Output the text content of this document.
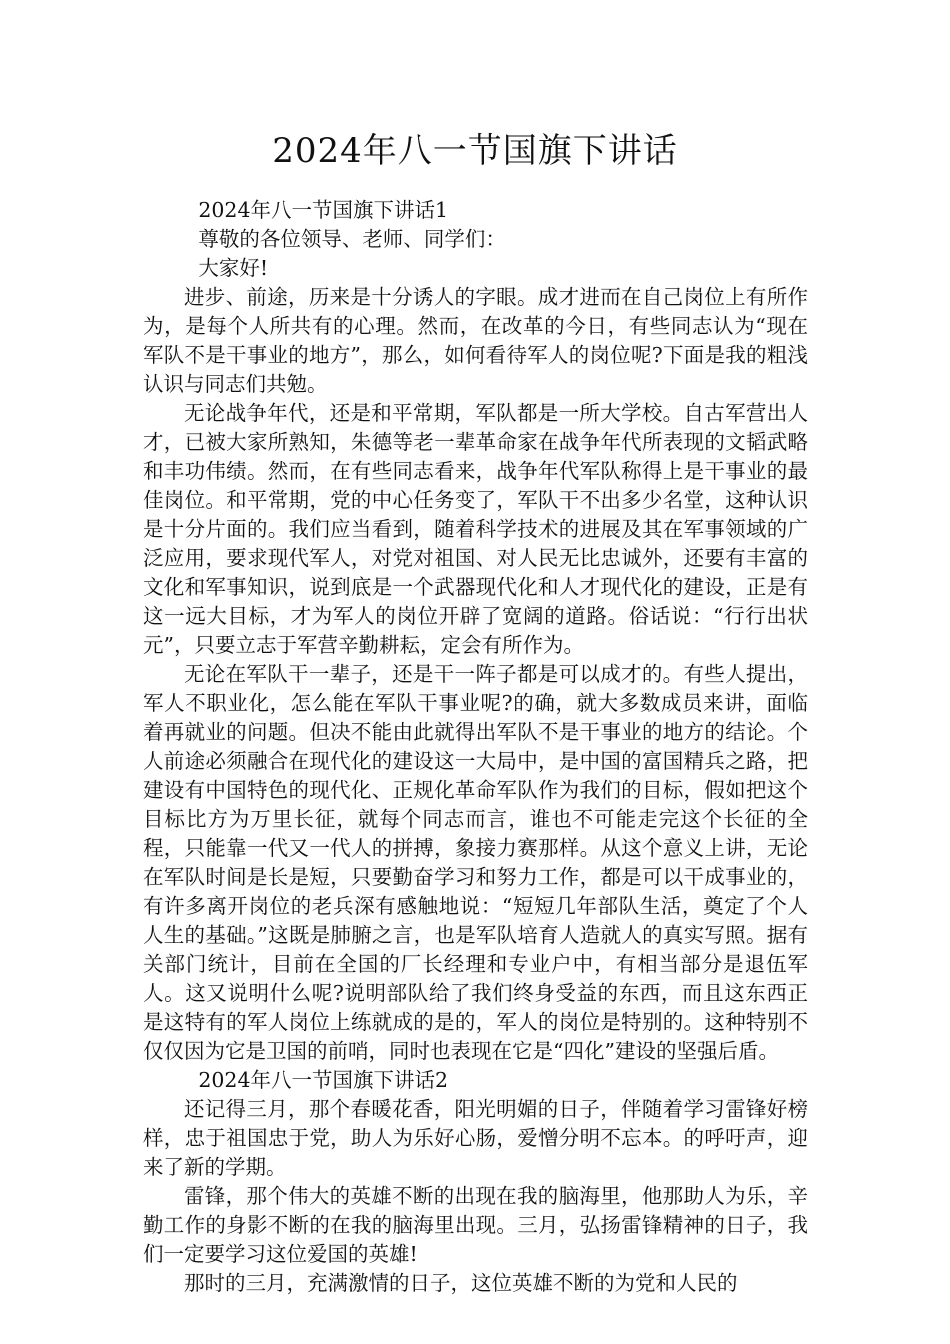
2024年八一节国旗下讲话

2024年八一节国旗下讲话1

尊敬的各位领导、老师、同学们：

大家好!

进步、前途，历来是十分诱人的字眼。成才进而在自己岗位上有所作为，是每个人所共有的心理。然而，在改革的今日，有些同志认为“现在军队不是干事业的地方”，那么，如何看待军人的岗位呢?下面是我的粗浅认识与同志们共勉。

无论战争年代，还是和平常期，军队都是一所大学校。自古军营出人才，已被大家所熟知，朱德等老一辈革命家在战争年代所表现的文韬武略和丰功伟绩。然而，在有些同志看来，战争年代军队称得上是干事业的最佳岗位。和平常期，党的中心任务变了，军队干不出多少名堂，这种认识是十分片面的。我们应当看到，随着科学技术的进展及其在军事领域的广泛应用，要求现代军人，对党对祖国、对人民无比忠诚外，还要有丰富的文化和军事知识，说到底是一个武器现代化和人才现代化的建设，正是有这一远大目标，才为军人的岗位开辟了宽阔的道路。俗话说：“行行出状元”，只要立志于军营辛勤耕耘，定会有所作为。

无论在军队干一辈子，还是干一阵子都是可以成才的。有些人提出，军人不职业化，怎么能在军队干事业呢?的确，就大多数成员来讲，面临着再就业的问题。但决不能由此就得出军队不是干事业的地方的结论。个人前途必须融合在现代化的建设这一大局中，是中国的富国精兵之路，把建设有中国特色的现代化、正规化革命军队作为我们的目标，假如把这个目标比方为万里长征，就每个同志而言，谁也不可能走完这个长征的全程，只能靠一代又一代人的拼搏，象接力赛那样。从这个意义上讲，无论在军队时间是长是短，只要勤奋学习和努力工作，都是可以干成事业的，有许多离开岗位的老兵深有感触地说：“短短几年部队生活，奠定了个人人生的基础。”这既是肺腑之言，也是军队培育人造就人的真实写照。据有关部门统计，目前在全国的厂长经理和专业户中，有相当部分是退伍军人。这又说明什么呢?说明部队给了我们终身受益的东西，而且这东西正是这特有的军人岗位上练就成的是的，军人的岗位是特别的。这种特别不仅仅因为它是卫国的前哨，同时也表现在它是“四化”建设的坚强后盾。

2024年八一节国旗下讲话2

还记得三月，那个春暖花香，阳光明媚的日子，伴随着学习雷锋好榜样，忠于祖国忠于党，助人为乐好心肠，爱憎分明不忘本。的呼吁声，迎来了新的学期。

雷锋，那个伟大的英雄不断的出现在我的脑海里，他那助人为乐，辛勤工作的身影不断的在我的脑海里出现。三月，弘扬雷锋精神的日子，我们一定要学习这位爱国的英雄!

那时的三月，充满激情的日子，这位英雄不断的为党和人民的
